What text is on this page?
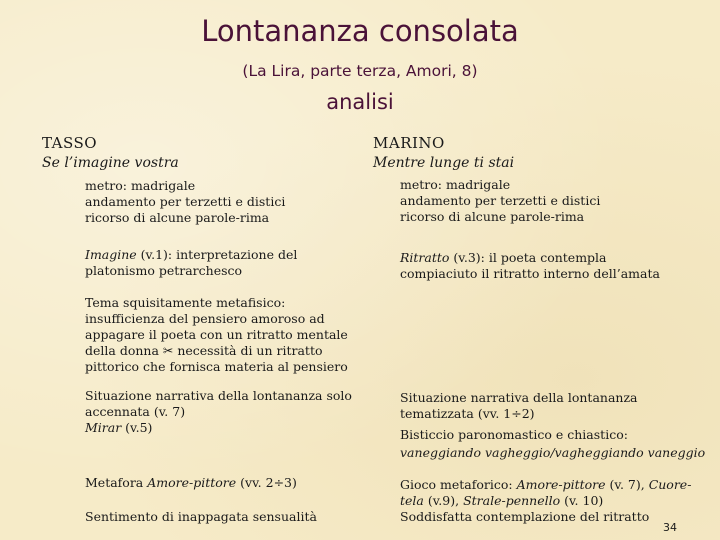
Lontananza consolata
(La Lira, parte terza, Amori, 8)
analisi
TASSO
Se l’imagine vostra
metro: madrigale
andamento per terzetti e distici
ricorso di alcune parole-rima
Imagine (v.1): interpretazione del
platonismo petrarchesco
Tema squisitamente metafisico:
insufficienza del pensiero amoroso ad
appagare il poeta con un ritratto mentale
della donna ✂ necessità di un ritratto
pittorico che fornisca materia al pensiero
Situazione narrativa della lontananza solo
accennata (v. 7)
Mirar (v.5)
Metafora Amore-pittore (vv. 2÷3)
Sentimento di inappagata sensualità
MARINO
Mentre lunge ti stai
metro: madrigale
andamento per terzetti e distici
ricorso di alcune parole-rima
Ritratto (v.3): il poeta contempla
compiaciuto il ritratto interno dell’amata
Situazione narrativa della lontananza
tematizzata (vv. 1÷2)
Bisticcio paronomastico e chiastico:
vaneggiando vagheggio/vagheggiando vaneggio
Gioco metaforico: Amore-pittore (v. 7), Cuore-
tela (v.9), Strale-pennello (v. 10)
Soddisfatta contemplazione del ritratto
34
